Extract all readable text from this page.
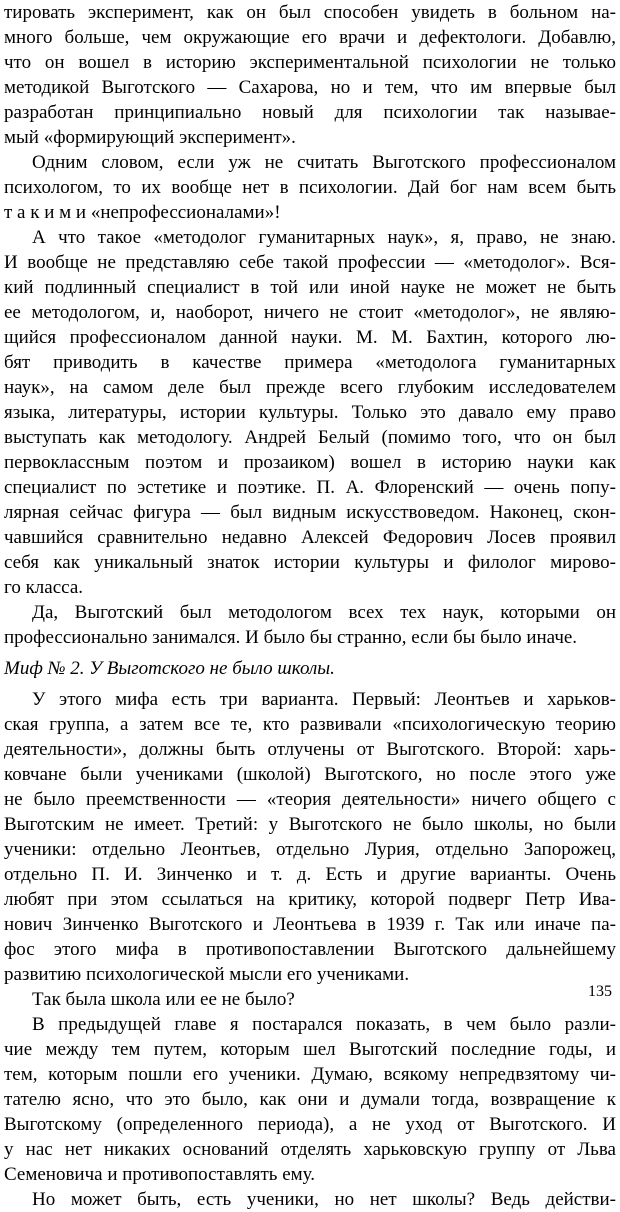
тировать эксперимент, как он был способен увидеть в больном на-
много больше, чем окружающие его врачи и дефектологи. Добавлю,
что он вошел в историю экспериментальной психологии не только
методикой Выготского — Сахарова, но и тем, что им впервые был
разработан принципиально новый для психологии так называе-
мый «формирующий эксперимент».
Одним словом, если уж не считать Выготского профессионалом
психологом, то их вообще нет в психологии. Дай бог нам всем быть
т а к и м и «непрофессионалами»!
А что такое «методолог гуманитарных наук», я, право, не знаю.
И вообще не представляю себе такой профессии — «методолог». Вся-
кий подлинный специалист в той или иной науке не может не быть
ее методологом, и, наоборот, ничего не стоит «методолог», не являю-
щийся профессионалом данной науки. М. М. Бахтин, которого лю-
бят приводить в качестве примера «методолога гуманитарных
наук», на самом деле был прежде всего глубоким исследователем
языка, литературы, истории культуры. Только это давало ему право
выступать как методологу. Андрей Белый (помимо того, что он был
первоклассным поэтом и прозаиком) вошел в историю науки как
специалист по эстетике и поэтике. П. А. Флоренский — очень попу-
лярная сейчас фигура — был видным искусствоведом. Наконец, скон-
чавшийся сравнительно недавно Алексей Федорович Лосев проявил
себя как уникальный знаток истории культуры и филолог мирово-
го класса.
Да, Выготский был методологом всех тех наук, которыми он
профессионально занимался. И было бы странно, если бы было иначе.
Миф № 2. У Выготского не было школы.
У этого мифа есть три варианта. Первый: Леонтьев и харьков-
ская группа, а затем все те, кто развивали «психологическую теорию
деятельности», должны быть отлучены от Выготского. Второй: харь-
ковчане были учениками (школой) Выготского, но после этого уже
не было преемственности — «теория деятельности» ничего общего с
Выготским не имеет. Третий: у Выготского не было школы, но были
ученики: отдельно Леонтьев, отдельно Лурия, отдельно Запорожец,
отдельно П. И. Зинченко и т. д. Есть и другие варианты. Очень
любят при этом ссылаться на критику, которой подверг Петр Ива-
нович Зинченко Выготского и Леонтьева в 1939 г. Так или иначе па-
фос этого мифа в противопоставлении Выготского дальнейшему
развитию психологической мысли его учениками.
Так была школа или ее не было?
В предыдущей главе я постарался показать, в чем было разли-
чие между тем путем, которым шел Выготский последние годы, и
тем, которым пошли его ученики. Думаю, всякому непредвзятому чи-
тателю ясно, что это было, как они и думали тогда, возвращение к
Выготскому (определенного периода), а не уход от Выготского. И
у нас нет никаких оснований отделять харьковскую группу от Льва
Семеновича и противопоставлять ему.
Но может быть, есть ученики, но нет школы? Ведь действи-
135
